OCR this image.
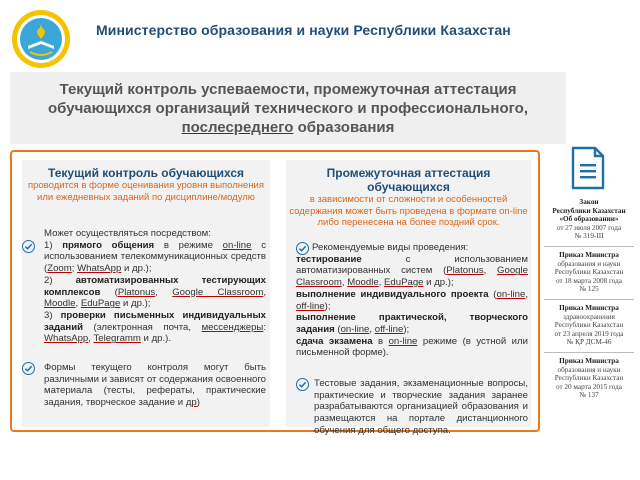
Министерство образования и науки Республики Казахстан
Текущий контроль успеваемости, промежуточная аттестация
обучающихся организаций технического и профессионального,
послесреднего образования
Текущий контроль обучающихся
проводится в форме оценивания уровня выполнения или ежедневных заданий по дисциплине/модулю
Может осуществляться посредством:
1) прямого общения в режиме on-line с использованием телекоммуникационных средств (Zoom; WhatsApp и др.);
2) автоматизированных тестирующих комплексов (Platonus, Google Classroom, Moodle, EduPage и др.);
3) проверки письменных индивидуальных заданий (электронная почта, мессенджеры: WhatsApp, Telegramm и др.).
Формы текущего контроля могут быть различными и зависят от содержания освоенного материала (тесты, рефераты, практические задания, творческое задание и др)
Промежуточная аттестация
обучающихся
в зависимости от сложности и особенностей содержания может быть проведена в формате on-line либо перенесена на более поздний срок.
Рекомендуемые виды проведения:
тестирование с использованием автоматизированных систем (Platonus, Google Classroom, Moodle, EduPage и др.);
выполнение индивидуального проекта (on-line, off-line);
выполнение практической, творческого задания (on-line, off-line);
сдача экзамена в on-line режиме (в устной или письменной форме).
Тестовые задания, экзаменационные вопросы, практические и творческие задания заранее разрабатываются организацией образования и размещаются на портале дистанционного обучения для общего доступа.
Закон
Республики Казахстан
«Об образовании»
от 27 июля 2007 года
№ 319-III
Приказ Министра
образования и науки
Республики Казахстан
от 18 марта 2008 года
№ 125
Приказ Министра
здравоохранения
Республики Казахстан
от 23 апреля 2019 года
№ ҚР ДСМ-46
Приказ Министра
образования и науки
Республики Казахстан
от 20 марта 2015 года
№ 137
